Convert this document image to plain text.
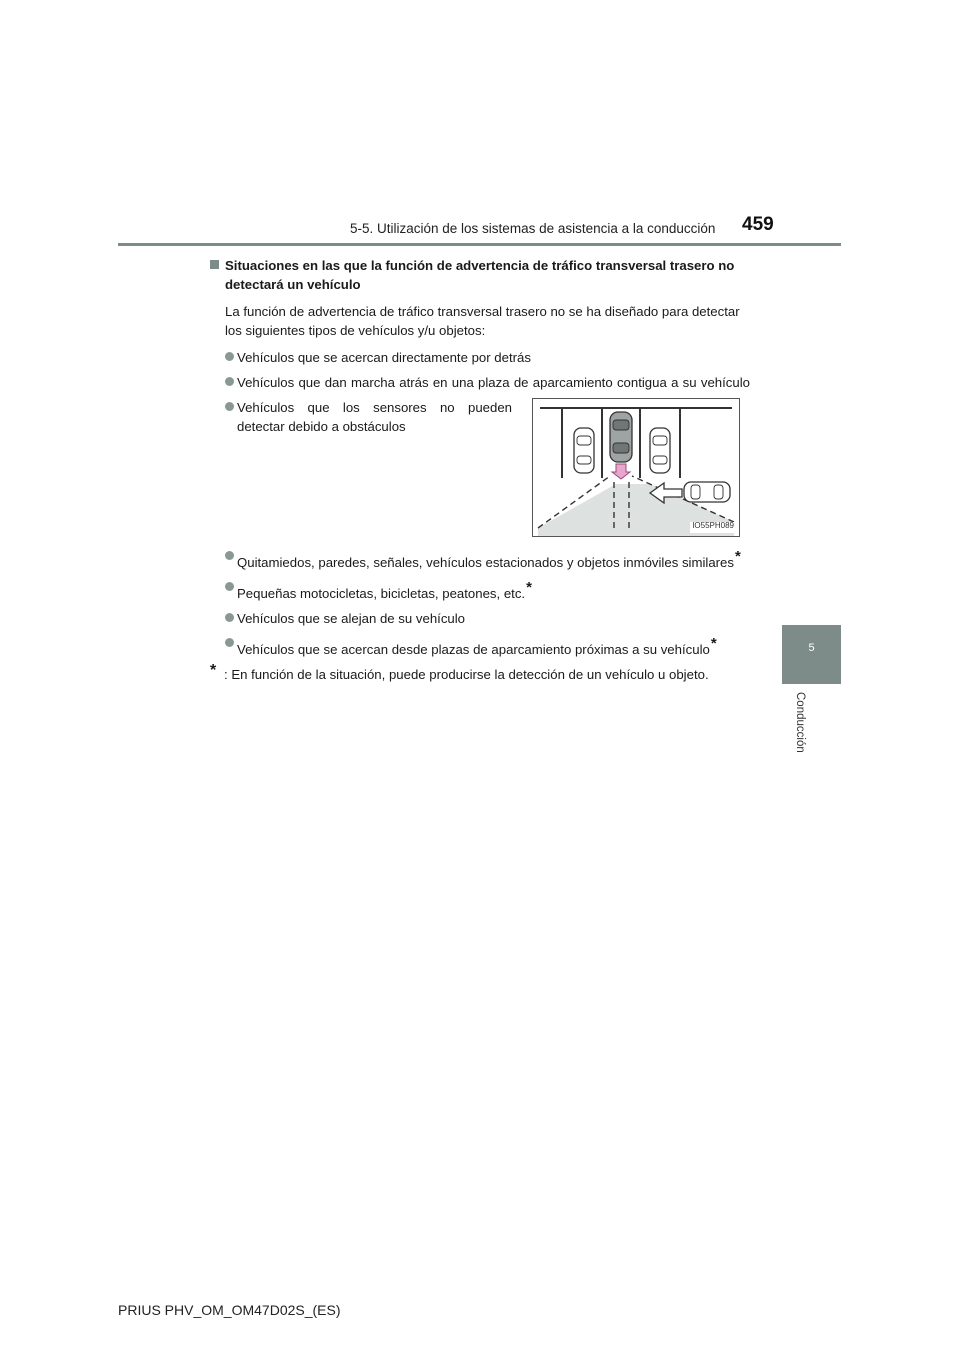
5-5. Utilización de los sistemas de asistencia a la conducción 459
5
Conducción
Situaciones en las que la función de advertencia de tráfico transversal trasero no detectará un vehículo

La función de advertencia de tráfico transversal trasero no se ha diseñado para detectar los siguientes tipos de vehículos y/u objetos:

Vehículos que se acercan directamente por detrás
Vehículos que dan marcha atrás en una plaza de aparcamiento contigua a su vehículo
Vehículos que los sensores no pueden detectar debido a obstáculos
IO55PH089
Quitamiedos, paredes, señales, vehículos estacionados y objetos inmóviles similares*
Pequeñas motocicletas, bicicletas, peatones, etc.*
Vehículos que se alejan de su vehículo
Vehículos que se acercan desde plazas de aparcamiento próximas a su vehículo*
* : En función de la situación, puede producirse la detección de un vehículo u objeto.
PRIUS PHV_OM_OM47D02S_(ES)
